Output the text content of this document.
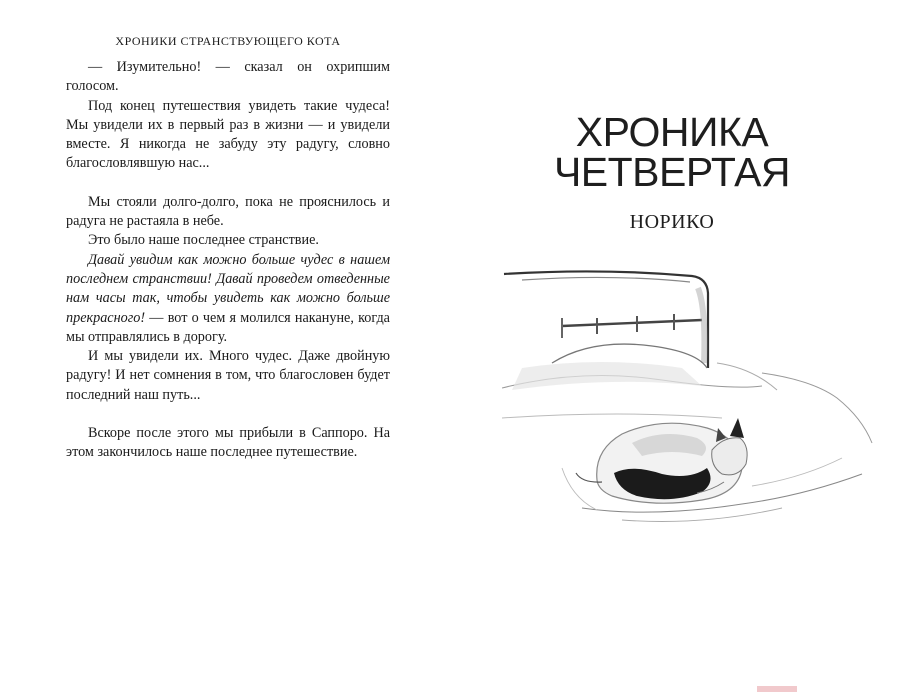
ХРОНИКИ СТРАНСТВУЮЩЕГО КОТА

— Изумительно! — сказал он охрипшим голосом.

Под конец путешествия увидеть такие чудеса! Мы увидели их в первый раз в жизни — и увидели вместе. Я никогда не забуду эту радугу, словно благословлявшую нас...

Мы стояли долго-долго, пока не прояснилось и радуга не растаяла в небе.

Это было наше последнее странствие.

Давай увидим как можно больше чудес в нашем последнем странствии! Давай проведем отведенные нам часы так, чтобы увидеть как можно больше прекрасного! — вот о чем я молился накануне, когда мы отправлялись в дорогу.

И мы увидели их. Много чудес. Даже двойную радугу! И нет сомнения в том, что благословен будет последний наш путь...

Вскоре после этого мы прибыли в Саппоро. На этом закончилось наше последнее путешествие.

ХРОНИКА
ЧЕТВЕРТАЯ
НОРИКО
